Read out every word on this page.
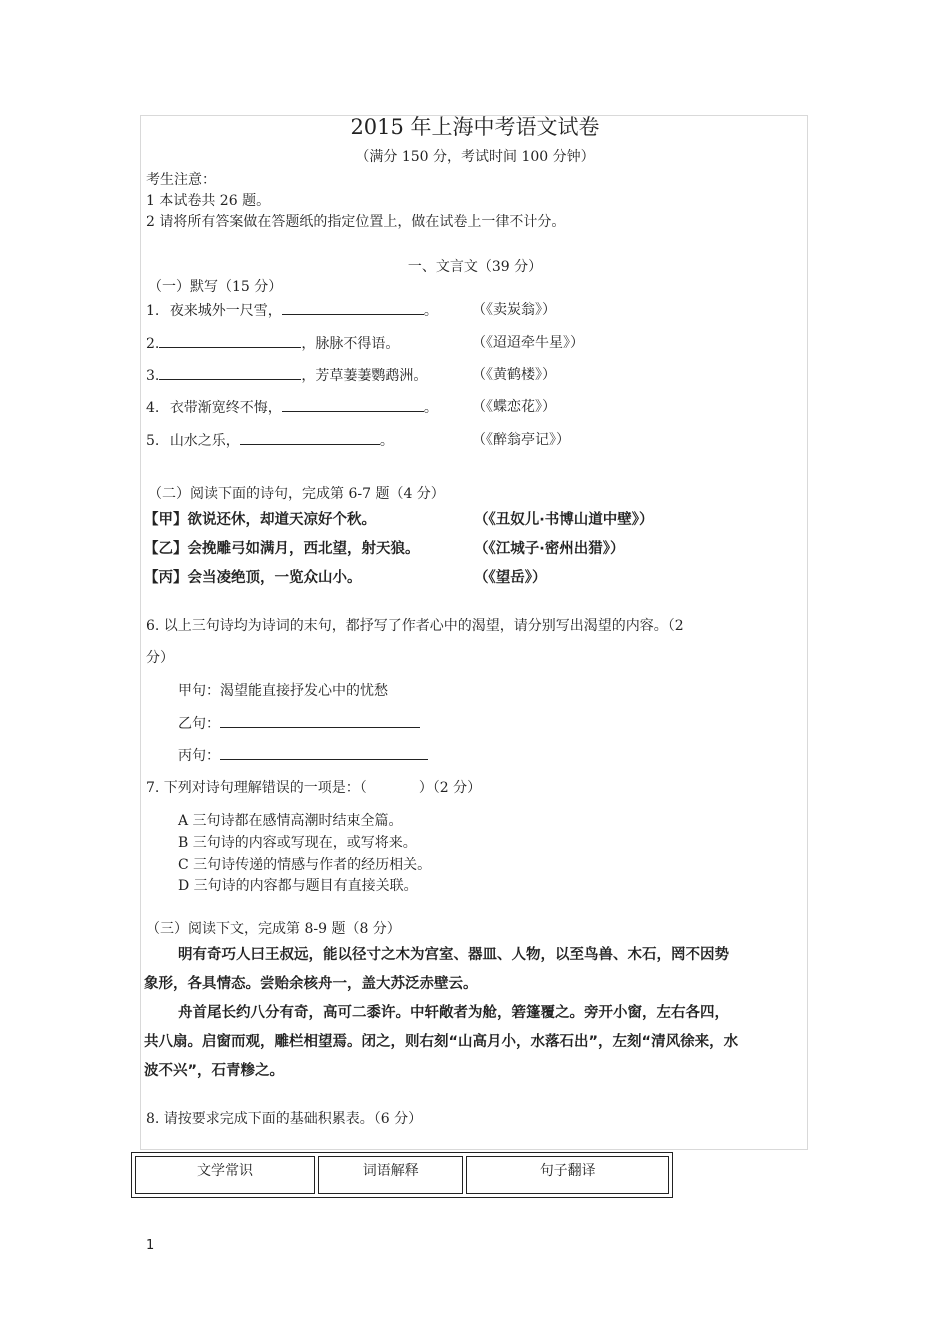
2015 年上海中考语文试卷
（满分 150 分，考试时间 100 分钟）
考生注意：
1 本试卷共 26 题。
2 请将所有答案做在答题纸的指定位置上，做在试卷上一律不计分。
一、文言文（39 分）
（一）默写（15 分）
1. 夜来城外一尺雪，	。 （《卖炭翁》）
2.	，脉脉不得语。	（《迢迢牵牛星》）
3.	，芳草萋萋鹦鹉洲。	（《黄鹤楼》）
4. 衣带渐宽终不悔，	。 （《蝶恋花》）
5. 山水之乐，	。	（《醉翁亭记》）
（二）阅读下面的诗句，完成第 6-7 题（4 分）
【甲】欲说还休，却道天凉好个秋。	（《丑奴儿·书博山道中壁》）
【乙】会挽雕弓如满月，西北望，射天狼。	（《江城子·密州出猎》）
【丙】会当凌绝顶，一览众山小。	（《望岳》）
6. 以上三句诗均为诗词的末句，都抒写了作者心中的渴望，请分别写出渴望的内容。（2
分）
甲句：渴望能直接抒发心中的忧愁
乙句：
丙句：
7. 下列对诗句理解错误的一项是：（	）（2 分）
A 三句诗都在感情高潮时结束全篇。
B 三句诗的内容或写现在，或写将来。
C 三句诗传递的情感与作者的经历相关。
D 三句诗的内容都与题目有直接关联。
（三）阅读下文，完成第 8-9 题（8 分）
明有奇巧人曰王叔远，能以径寸之木为宫室、器皿、人物，以至鸟兽、木石，罔不因势
象形，各具情态。尝贻余核舟一，盖大苏泛赤壁云。
舟首尾长约八分有奇，高可二黍许。中轩敞者为舱，箬篷覆之。旁开小窗，左右各四，
共八扇。启窗而观，雕栏相望焉。闭之，则右刻“山高月小，水落石出”，左刻“清风徐来，水
波不兴”，石青糁之。
8. 请按要求完成下面的基础积累表。（6 分）
文学常识	词语解释	句子翻译
1
